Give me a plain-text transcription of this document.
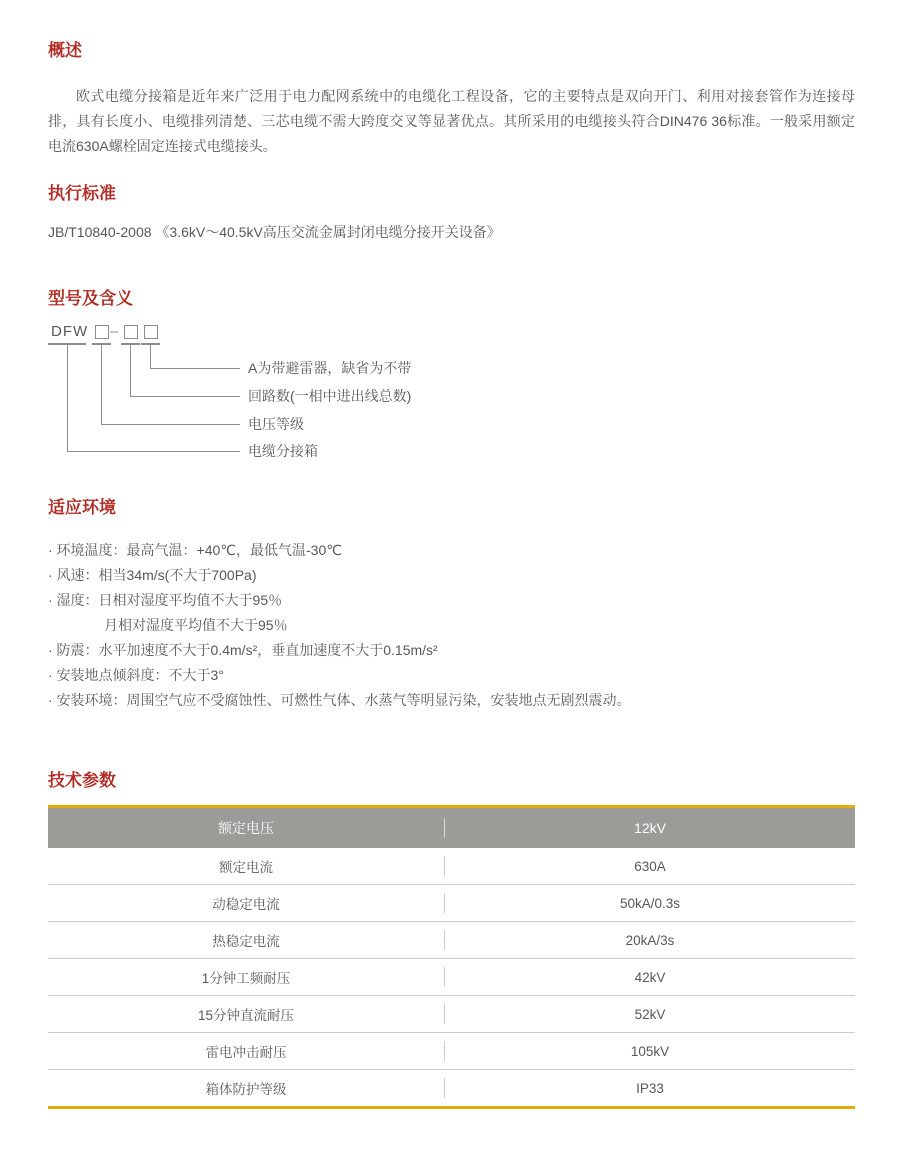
概述

欧式电缆分接箱是近年来广泛用于电力配网系统中的电缆化工程设备，它的主要特点是双向开门、利用对接套管作为连接母排，具有长度小、电缆排列清楚、三芯电缆不需大跨度交叉等显著优点。其所采用的电缆接头符合DIN476 36标准。一般采用额定电流630A螺栓固定连接式电缆接头。

执行标准

JB/T10840-2008 《3.6kV～40.5kV高压交流金属封闭电缆分接开关设备》

型号及含义
DFW –
A为带避雷器，缺省为不带
回路数(一相中进出线总数)
电压等级
电缆分接箱
适应环境
· 环境温度：最高气温：+40℃，最低气温-30℃
· 风速：相当34m/s(不大于700Pa)
· 湿度：日相对湿度平均值不大于95％
月相对湿度平均值不大于95％
· 防震：水平加速度不大于0.4m/s²，垂直加速度不大于0.15m/s²
· 安装地点倾斜度：不大于3°
· 安装环境：周围空气应不受腐蚀性、可燃性气体、水蒸气等明显污染，安装地点无剧烈震动。
技术参数
额定电压	12kV
额定电流	630A
动稳定电流	50kA/0.3s
热稳定电流	20kA/3s
1分钟工频耐压	42kV
15分钟直流耐压	52kV
雷电冲击耐压	105kV
箱体防护等级	IP33
